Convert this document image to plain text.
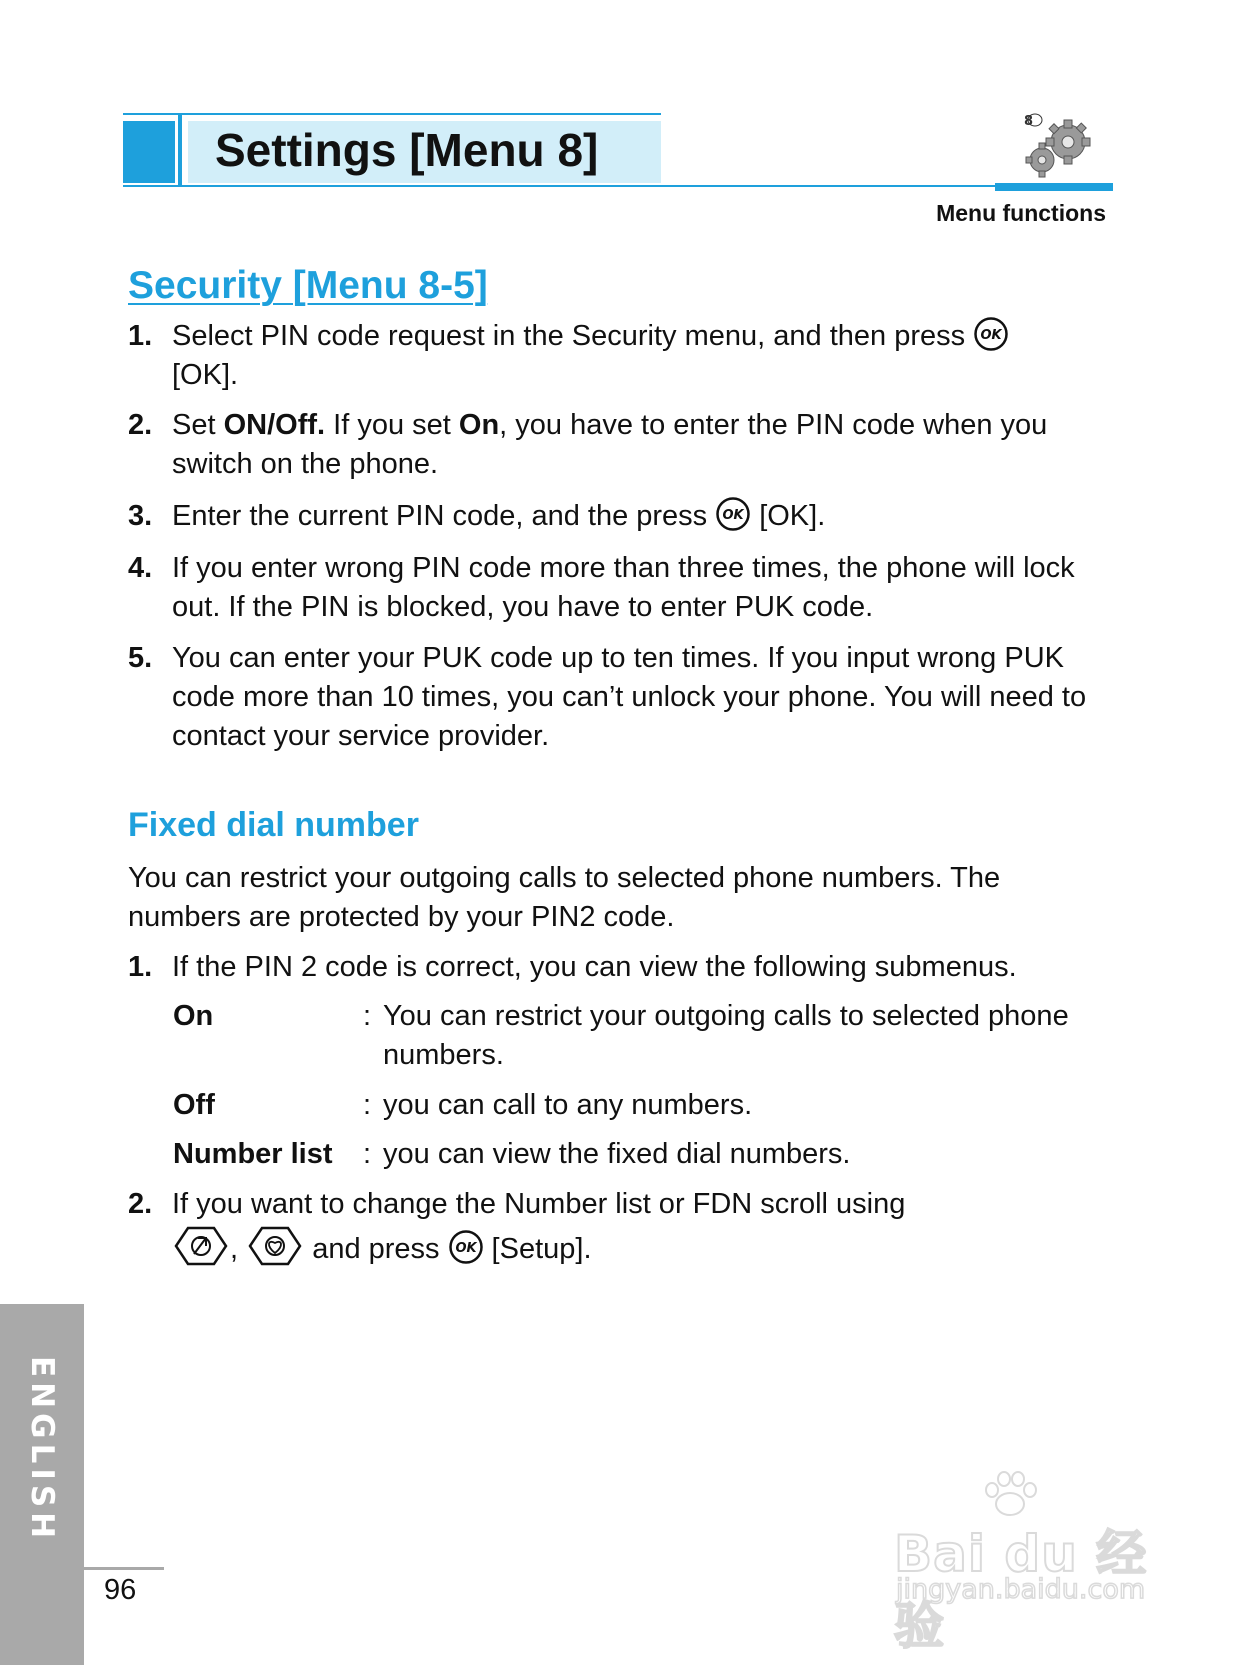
Settings [Menu 8]
8
Menu functions
Security [Menu 8-5]
1. Select PIN code request in the Security menu, and then press OK

[OK].
2. Set ON/Off. If you set On, you have to enter the PIN code when you switch on the phone.
3. Enter the current PIN code, and the press OK [OK].
4. If you enter wrong PIN code more than three times, the phone will lock out. If the PIN is blocked, you have to enter PUK code.
5. You can enter your PUK code up to ten times. If you input wrong PUK code more than 10 times, you can’t unlock your phone. You will need to contact your service provider.
Fixed dial number
You can restrict your outgoing calls to selected phone numbers. The numbers are protected by your PIN2 code.
1. If the PIN 2 code is correct, you can view the following submenus.
On	: You can restrict your outgoing calls to selected phone numbers.
Off	: you can call to any numbers.
Number list : you can view the fixed dial numbers.
2. If you want to change the Number list or FDN scroll using
,	and press OK [Setup].
ENGLISH
96
Bai du 经验
jingyan.baidu.com
